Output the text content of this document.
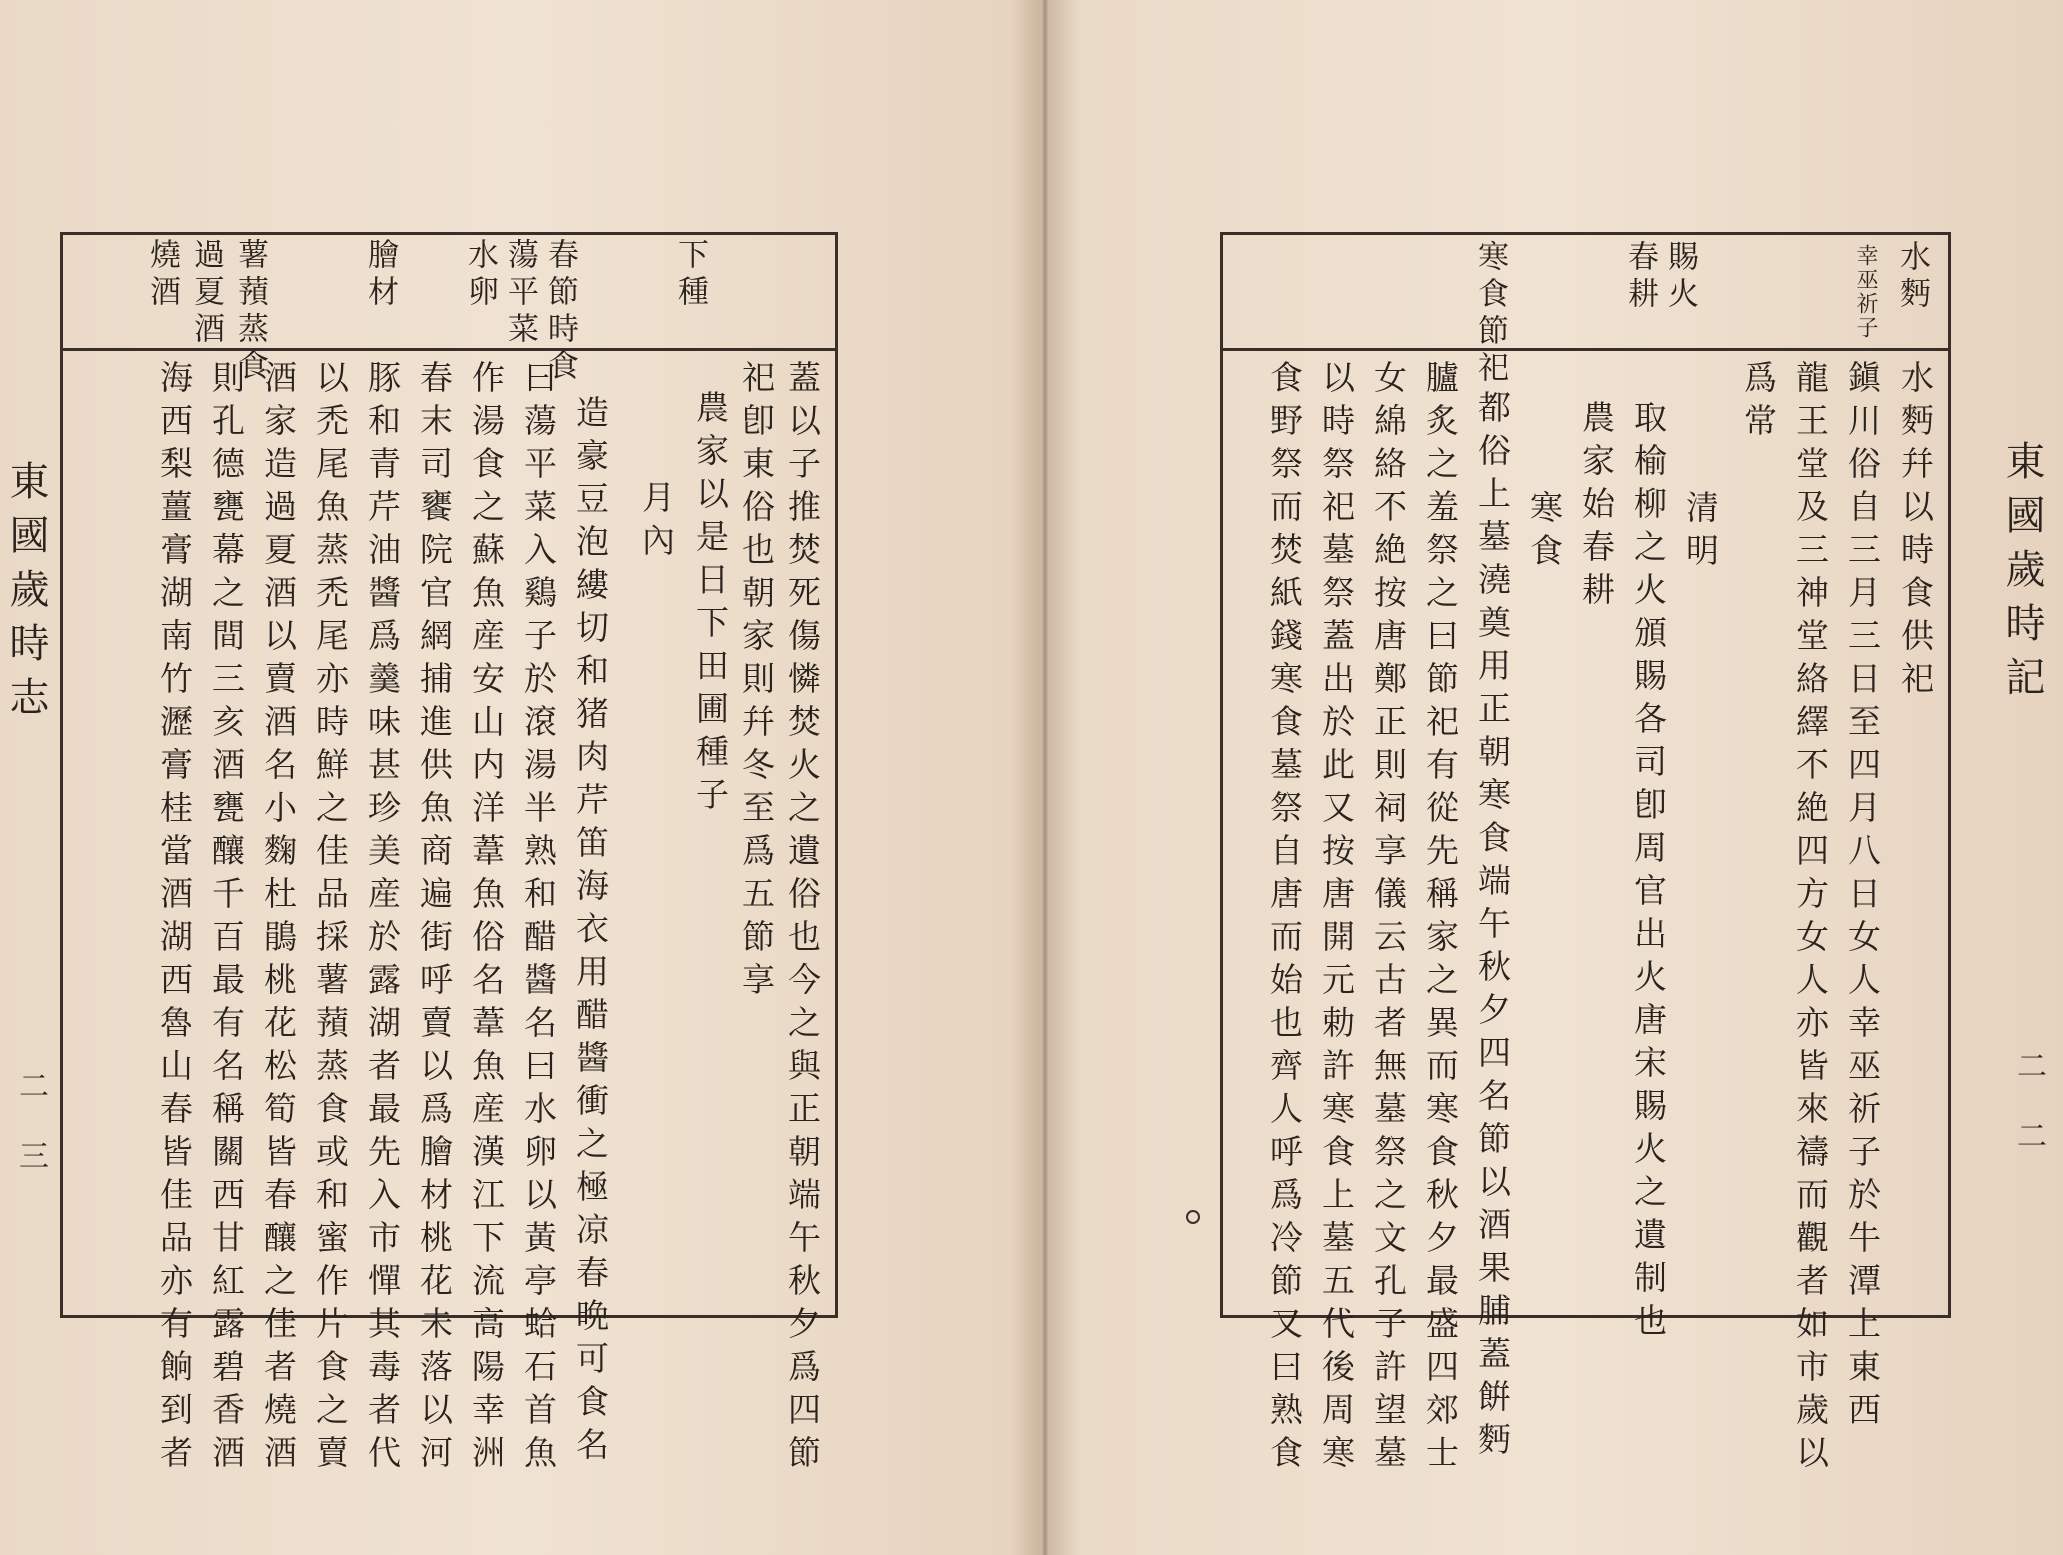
東國歲時志
二三
下種
春節時食
蕩平菜
水卵
膾材
薯蕷蒸食
過夏酒
燒酒
蓋以子推焚死傷憐焚火之遺俗也今之與正朝端午秋夕爲四節
祀卽東俗也朝家則幷冬至爲五節享
農家以是日下田圃種子
月內
造豪豆泡縷切和猪肉芹笛海衣用醋醬衝之極凉春晩可食名
曰蕩平菜入鷄子於滾湯半熟和醋醬名曰水卵以黃亭蛤石首魚
作湯食之蘇魚産安山内洋葦魚俗名葦魚産漢江下流高陽幸洲
春末司饔院官網捕進供魚商遍街呼賣以爲膾材桃花未落以河
豚和青芹油醬爲羹味甚珍美産於露湖者最先入市憚其毒者代
以禿尾魚蒸禿尾亦時鮮之佳品採薯蕷蒸食或和蜜作片食之賣
酒家造過夏酒以賣酒名小麴杜鵑桃花松筍皆春釀之佳者燒酒
則孔德甕幕之間三亥酒甕釀千百最有名稱關西甘紅露碧香酒
海西梨薑膏湖南竹瀝膏桂當酒湖西魯山春皆佳品亦有餉到者	東國歲時記
二二
水麪
幸巫祈子
賜火
春耕
寒食節祀
水麪幷以時食供祀
鎭川俗自三月三日至四月八日女人幸巫祈子於牛潭上東西
龍王堂及三神堂絡繹不絶四方女人亦皆來禱而觀者如市歲以
爲常
清明
取榆柳之火頒賜各司卽周官出火唐宋賜火之遺制也
農家始春耕
寒食
都俗上墓澆奠用正朝寒食端午秋夕四名節以酒果脯蓋餠麪
臚炙之羞祭之曰節祀有從先稱家之異而寒食秋夕最盛四郊士
女綿絡不絶按唐鄭正則祠享儀云古者無墓祭之文孔子許望墓
以時祭祀墓祭蓋出於此又按唐開元勅許寒食上墓五代後周寒
食野祭而焚紙錢寒食墓祭自唐而始也齊人呼爲冷節又曰熟食
